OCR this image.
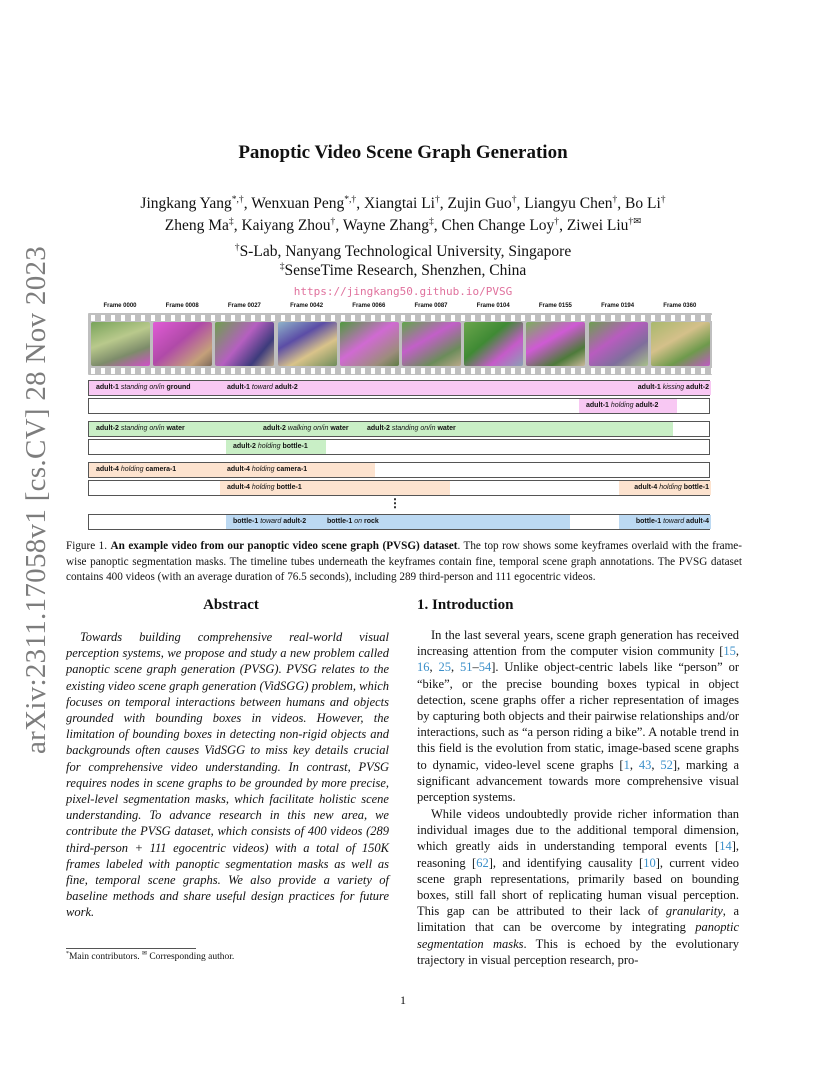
arXiv:2311.17058v1 [cs.CV] 28 Nov 2023
Panoptic Video Scene Graph Generation
Jingkang Yang*,†, Wenxuan Peng*,†, Xiangtai Li†, Zujin Guo†, Liangyu Chen†, Bo Li†
Zheng Ma‡, Kaiyang Zhou†, Wayne Zhang‡, Chen Change Loy†, Ziwei Liu†✉
†S-Lab, Nanyang Technological University, Singapore
‡SenseTime Research, Shenzhen, China
https://jingkang50.github.io/PVSG
Frame 0000	Frame 0008	Frame 0027	Frame 0042	Frame 0066	Frame 0087	Frame 0104	Frame 0155	Frame 0194	Frame 0360
adult-1 standing on/in ground	adult-1 toward adult-2	adult-1 kissing adult-2
adult-1 holding adult-2
adult-2 standing on/in water	adult-2 walking on/in water	adult-2 standing on/in water
adult-2 holding bottle-1
adult-4 holding camera-1	adult-4 holding camera-1
adult-4 holding bottle-1	adult-4 holding bottle-1
bottle-1 toward adult-2	bottle-1 on rock	bottle-1 toward adult-4
⋮
Figure 1. An example video from our panoptic video scene graph (PVSG) dataset. The top row shows some keyframes overlaid with the frame-wise panoptic segmentation masks. The timeline tubes underneath the keyframes contain fine, temporal scene graph annotations. The PVSG dataset contains 400 videos (with an average duration of 76.5 seconds), including 289 third-person and 111 egocentric videos.
Abstract
Towards building comprehensive real-world visual perception systems, we propose and study a new problem called panoptic scene graph generation (PVSG). PVSG relates to the existing video scene graph generation (VidSGG) problem, which focuses on temporal interactions between humans and objects grounded with bounding boxes in videos. However, the limitation of bounding boxes in detecting non-rigid objects and backgrounds often causes VidSGG to miss key details crucial for comprehensive video understanding. In contrast, PVSG requires nodes in scene graphs to be grounded by more precise, pixel-level segmentation masks, which facilitate holistic scene understanding. To advance research in this new area, we contribute the PVSG dataset, which consists of 400 videos (289 third-person + 111 egocentric videos) with a total of 150K frames labeled with panoptic segmentation masks as well as fine, temporal scene graphs. We also provide a variety of baseline methods and share useful design practices for future work.
1. Introduction
In the last several years, scene graph generation has received increasing attention from the computer vision community [15, 16, 25, 51–54]. Unlike object-centric labels like “person” or “bike”, or the precise bounding boxes typical in object detection, scene graphs offer a richer representation of images by capturing both objects and their pairwise relationships and/or interactions, such as “a person riding a bike”. A notable trend in this field is the evolution from static, image-based scene graphs to dynamic, video-level scene graphs [1, 43, 52], marking a significant advancement towards more comprehensive visual perception systems.
While videos undoubtedly provide richer information than individual images due to the additional temporal dimension, which greatly aids in understanding temporal events [14], reasoning [62], and identifying causality [10], current video scene graph representations, primarily based on bounding boxes, still fall short of replicating human visual perception. This gap can be attributed to their lack of granularity, a limitation that can be overcome by integrating panoptic segmentation masks. This is echoed by the evolutionary trajectory in visual perception research, pro-
*Main contributors. ✉ Corresponding author.
1
